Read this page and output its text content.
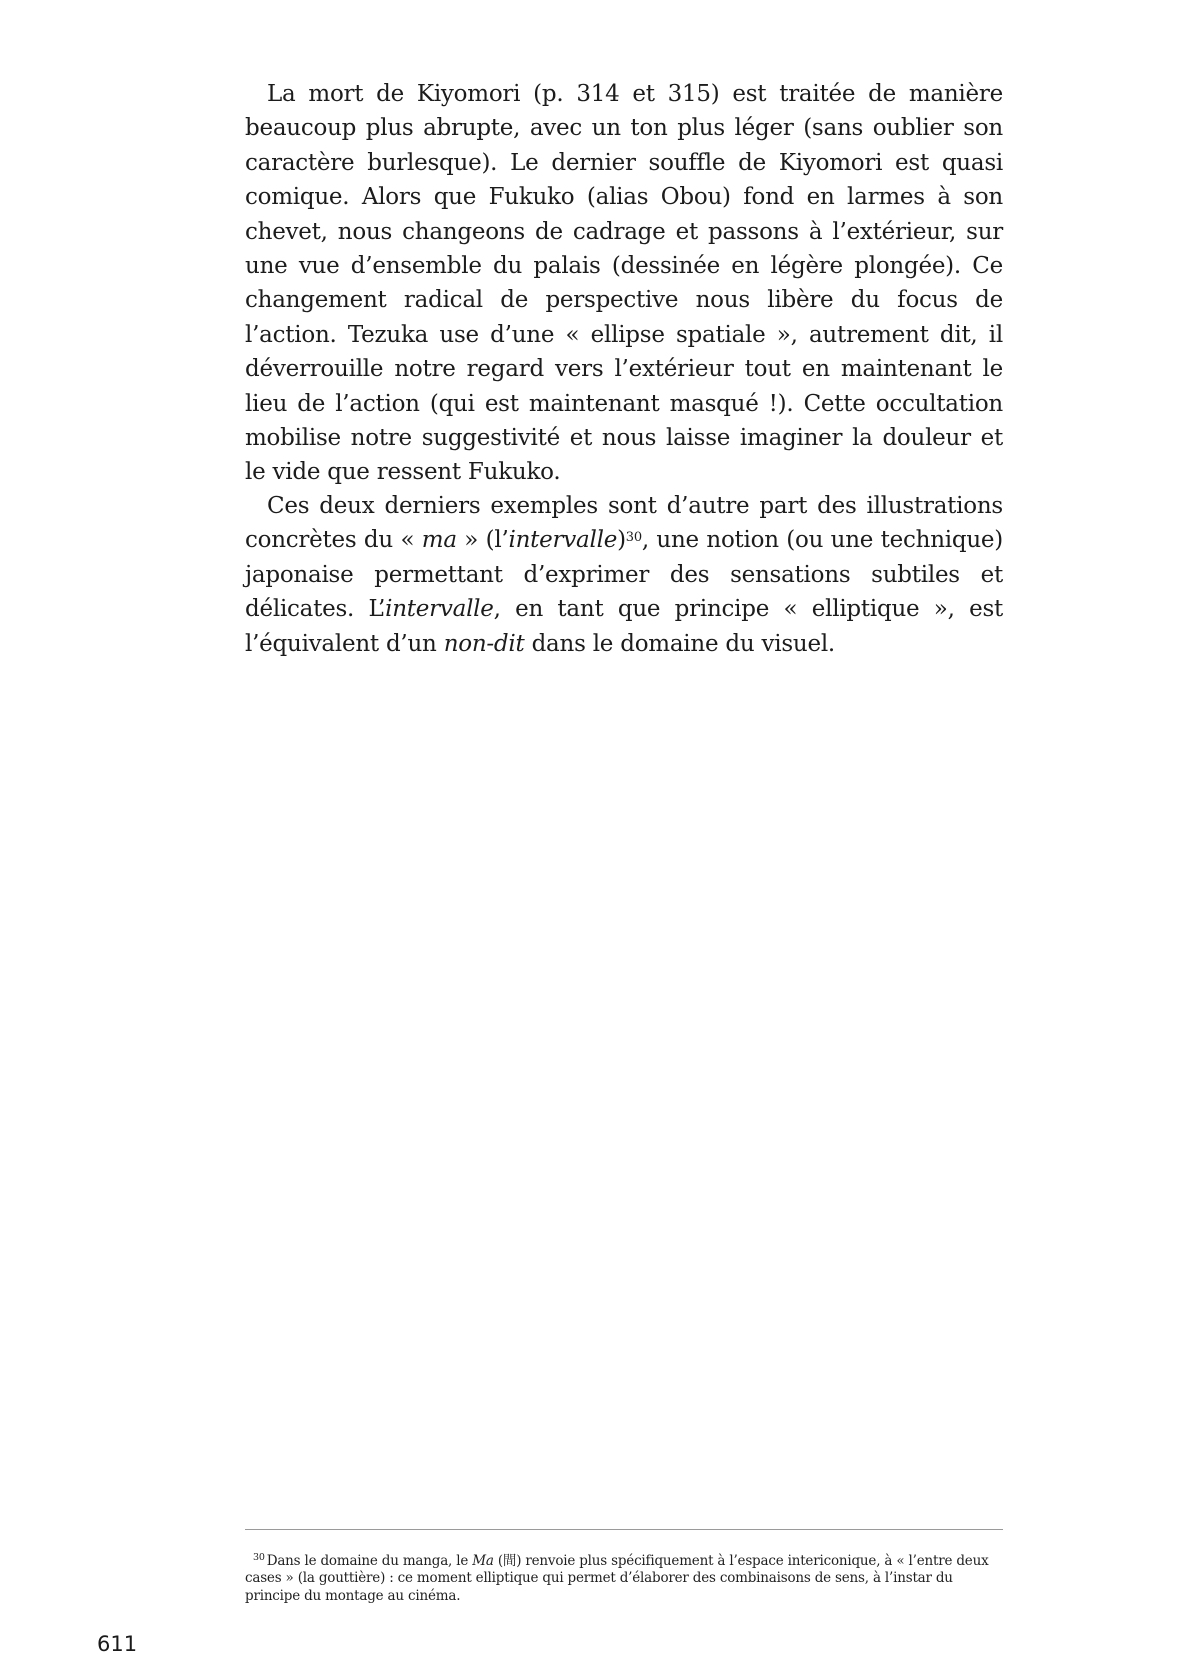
La mort de Kiyomori (p. 314 et 315) est traitée de manière beaucoup plus abrupte, avec un ton plus léger (sans oublier son caractère burlesque). Le dernier souffle de Kiyomori est quasi comique. Alors que Fukuko (alias Obou) fond en larmes à son chevet, nous changeons de cadrage et passons à l’extérieur, sur une vue d’ensemble du palais (dessinée en légère plongée). Ce changement radical de perspective nous libère du focus de l’action. Tezuka use d’une « ellipse spatiale », autrement dit, il déverrouille notre regard vers l’extérieur tout en maintenant le lieu de l’action (qui est maintenant masqué !). Cette occultation mobilise notre suggestivité et nous laisse imaginer la douleur et le vide que ressent Fukuko.

Ces deux derniers exemples sont d’autre part des illustrations concrètes du « ma » (l’intervalle)$^{30}$, une notion (ou une technique) japonaise permettant d’exprimer des sensations subtiles et délicates. L’intervalle, en tant que principe « elliptique », est l’équivalent d’un non-dit dans le domaine du visuel.

$^{30}$ Dans le domaine du manga, le Ma (間) renvoie plus spécifiquement à l’espace intericonique, à « l’entre deux cases » (la gouttière) : ce moment elliptique qui permet d’élaborer des combinaisons de sens, à l’instar du principe du montage au cinéma.
611
